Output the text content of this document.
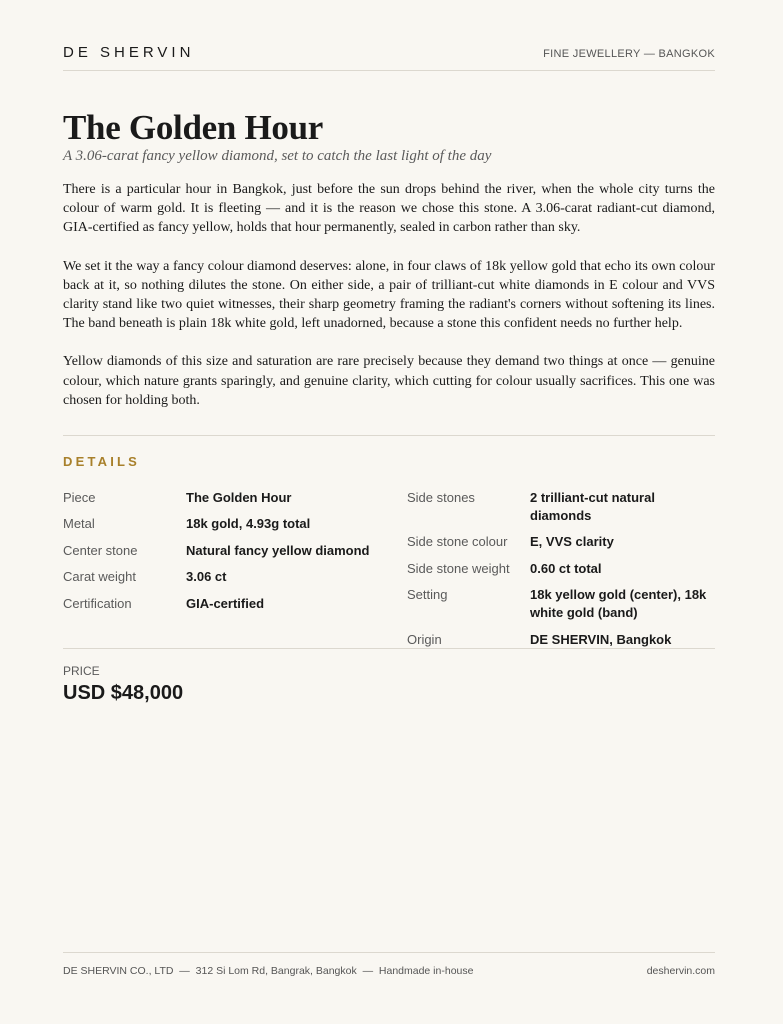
DE SHERVIN	FINE JEWELLERY — BANGKOK
The Golden Hour
A 3.06-carat fancy yellow diamond, set to catch the last light of the day

There is a particular hour in Bangkok, just before the sun drops behind the river, when the whole city turns the colour of warm gold. It is fleeting — and it is the reason we chose this stone. A 3.06-carat radiant-cut diamond, GIA-certified as fancy yellow, holds that hour permanently, sealed in carbon rather than sky.

We set it the way a fancy colour diamond deserves: alone, in four claws of 18k yellow gold that echo its own colour back at it, so nothing dilutes the stone. On either side, a pair of trilliant-cut white diamonds in E colour and VVS clarity stand like two quiet witnesses, their sharp geometry framing the radiant's corners without softening its lines. The band beneath is plain 18k white gold, left unadorned, because a stone this confident needs no further help.

Yellow diamonds of this size and saturation are rare precisely because they demand two things at once — genuine colour, which nature grants sparingly, and genuine clarity, which cutting for colour usually sacrifices. This one was chosen for holding both.

DETAILS
Piece	The Golden Hour
Metal	18k gold, 4.93g total
Center stone	Natural fancy yellow diamond
Carat weight	3.06 ct
Certification	GIA-certified
Side stones	2 trilliant-cut natural diamonds
Side stone colour	E, VVS clarity
Side stone weight	0.60 ct total
Setting	18k yellow gold (center), 18k white gold (band)
Origin	DE SHERVIN, Bangkok
PRICE
USD $48,000
DE SHERVIN CO., LTD  —  312 Si Lom Rd, Bangrak, Bangkok  —  Handmade in-house	deshervin.com
